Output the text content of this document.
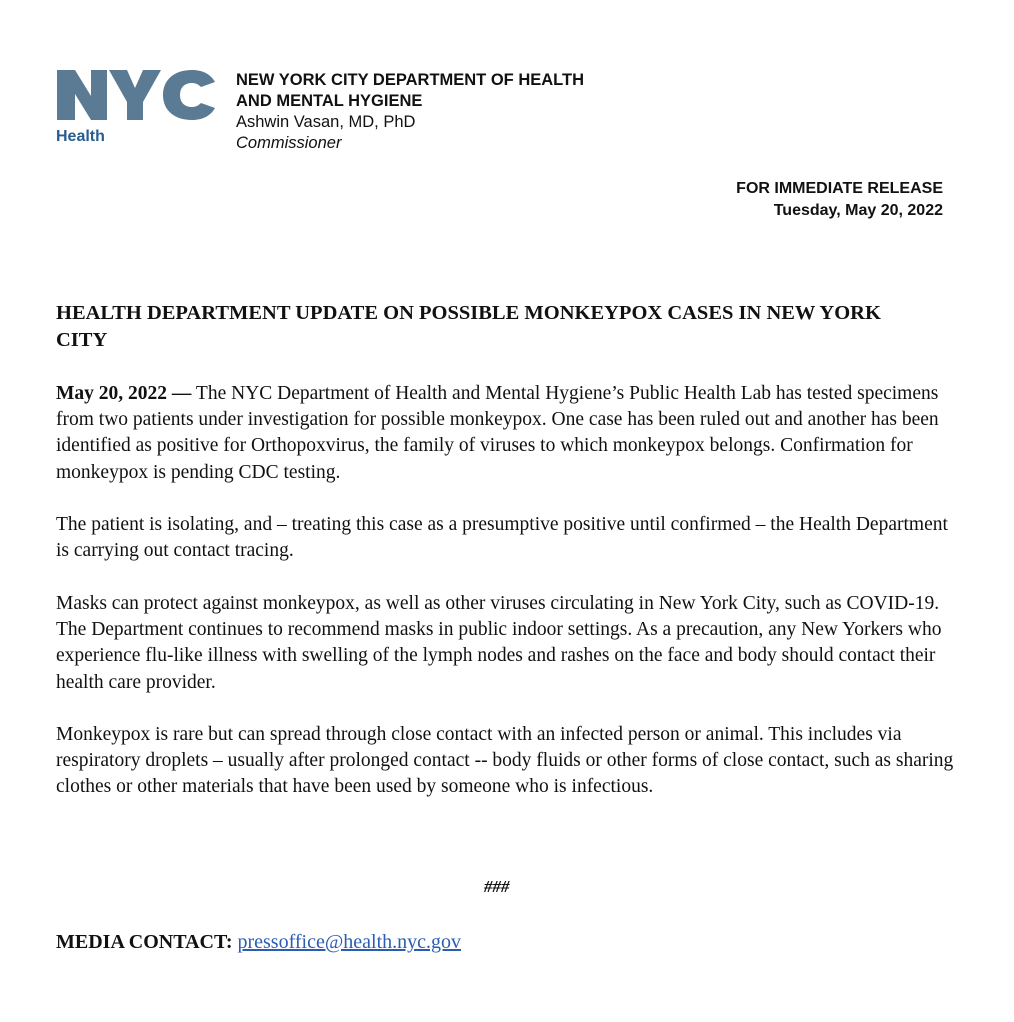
Health
NEW YORK CITY DEPARTMENT OF HEALTH
AND MENTAL HYGIENE
Ashwin Vasan, MD, PhD
Commissioner
FOR IMMEDIATE RELEASE
Tuesday, May 20, 2022
HEALTH DEPARTMENT UPDATE ON POSSIBLE MONKEYPOX CASES IN NEW YORK CITY
May 20, 2022 — The NYC Department of Health and Mental Hygiene’s Public Health Lab has tested specimens from two patients under investigation for possible monkeypox. One case has been ruled out and another has been identified as positive for Orthopoxvirus, the family of viruses to which monkeypox belongs. Confirmation for monkeypox is pending CDC testing.
The patient is isolating, and – treating this case as a presumptive positive until confirmed – the Health Department is carrying out contact tracing.
Masks can protect against monkeypox, as well as other viruses circulating in New York City, such as COVID-19. The Department continues to recommend masks in public indoor settings. As a precaution, any New Yorkers who experience flu-like illness with swelling of the lymph nodes and rashes on the face and body should contact their health care provider.
Monkeypox is rare but can spread through close contact with an infected person or animal. This includes via respiratory droplets – usually after prolonged contact -- body fluids or other forms of close contact, such as sharing clothes or other materials that have been used by someone who is infectious.
###
MEDIA CONTACT: pressoffice@health.nyc.gov
